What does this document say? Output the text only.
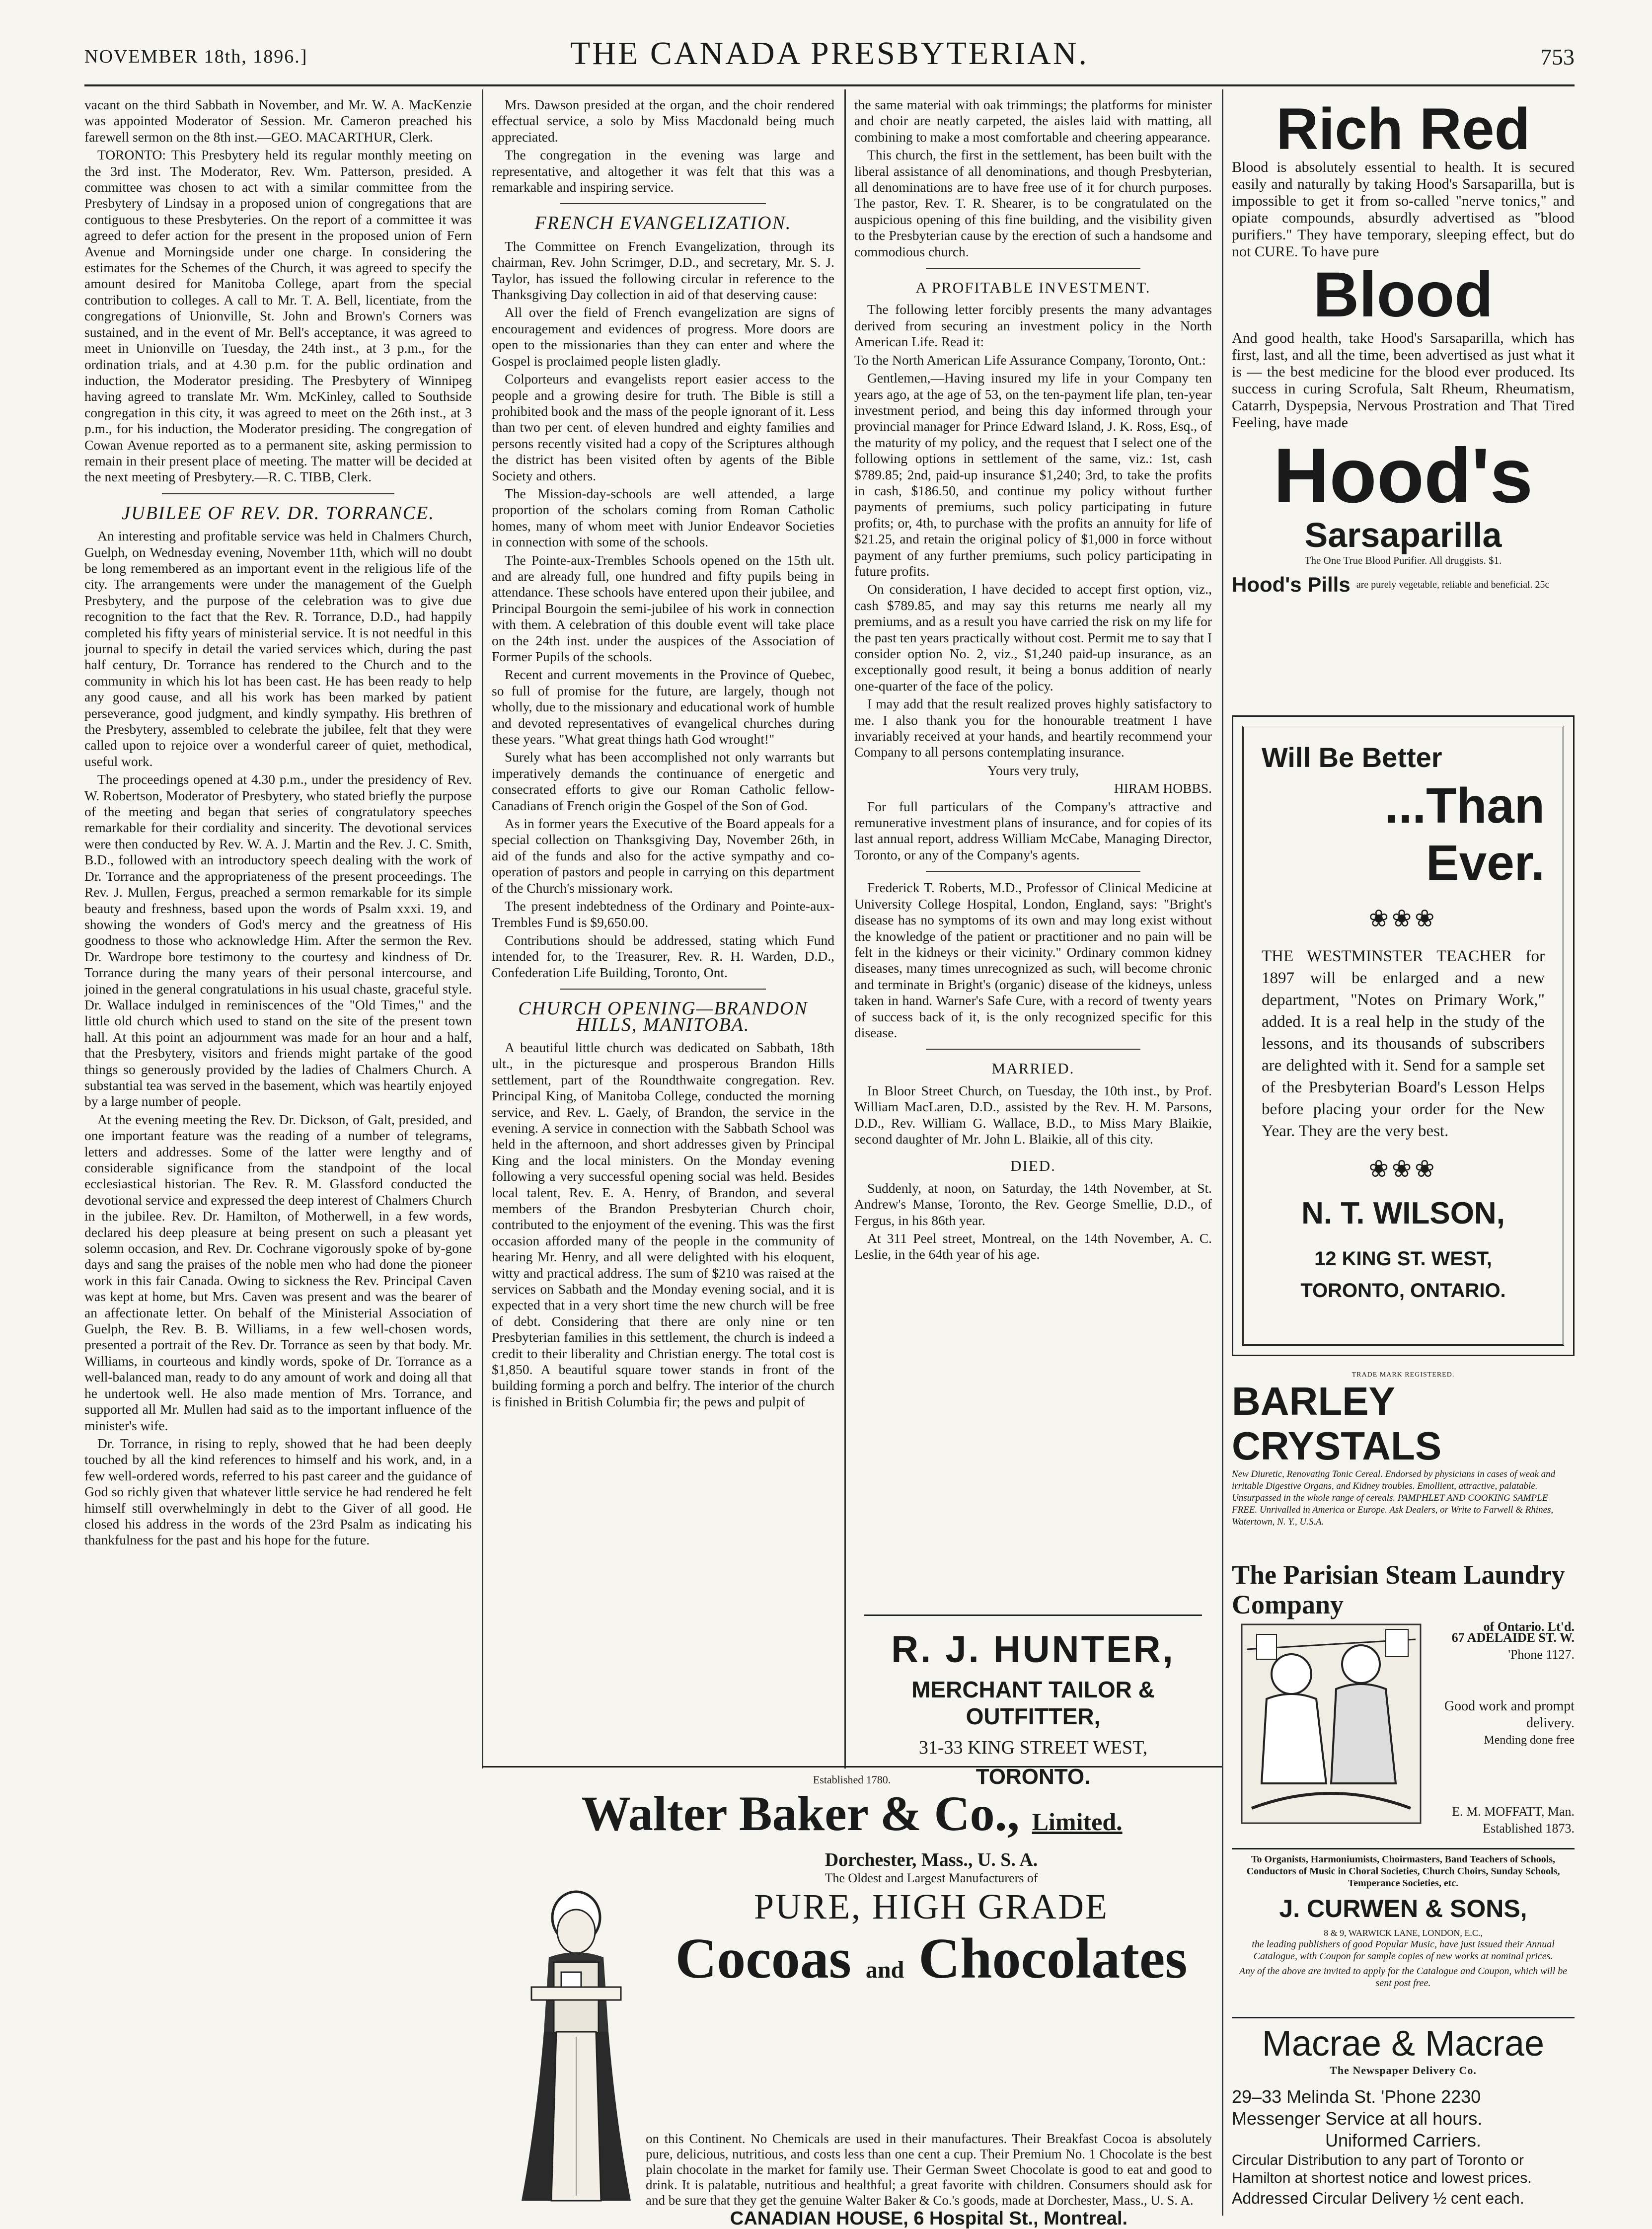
NOVEMBER 18th, 1896.]	THE CANADA PRESBYTERIAN.	753

vacant on the third Sabbath in November, and Mr. W. A. MacKenzie was appointed Moderator of Session. Mr. Cameron preached his farewell sermon on the 8th inst.—GEO. MACARTHUR, Clerk.

TORONTO: This Presbytery held its regular monthly meeting on the 3rd inst. The Moderator, Rev. Wm. Patterson, presided. A committee was chosen to act with a similar committee from the Presbytery of Lindsay in a proposed union of congregations that are contiguous to these Presbyteries. On the report of a committee it was agreed to defer action for the present in the proposed union of Fern Avenue and Morningside under one charge. In considering the estimates for the Schemes of the Church, it was agreed to specify the amount desired for Manitoba College, apart from the special contribution to colleges. A call to Mr. T. A. Bell, licentiate, from the congregations of Unionville, St. John and Brown's Corners was sustained, and in the event of Mr. Bell's acceptance, it was agreed to meet in Unionville on Tuesday, the 24th inst., at 3 p.m., for the ordination trials, and at 4.30 p.m. for the public ordination and induction, the Moderator presiding. The Presbytery of Winnipeg having agreed to translate Mr. Wm. McKinley, called to Southside congregation in this city, it was agreed to meet on the 26th inst., at 3 p.m., for his induction, the Moderator presiding. The congregation of Cowan Avenue reported as to a permanent site, asking permission to remain in their present place of meeting. The matter will be decided at the next meeting of Presbytery.—R. C. TIBB, Clerk.

JUBILEE OF REV. DR. TORRANCE.

An interesting and profitable service was held in Chalmers Church, Guelph, on Wednesday evening, November 11th, which will no doubt be long remembered as an important event in the religious life of the city. The arrangements were under the management of the Guelph Presbytery, and the purpose of the celebration was to give due recognition to the fact that the Rev. R. Torrance, D.D., had happily completed his fifty years of ministerial service. It is not needful in this journal to specify in detail the varied services which, during the past half century, Dr. Torrance has rendered to the Church and to the community in which his lot has been cast. He has been ready to help any good cause, and all his work has been marked by patient perseverance, good judgment, and kindly sympathy. His brethren of the Presbytery, assembled to celebrate the jubilee, felt that they were called upon to rejoice over a wonderful career of quiet, methodical, useful work.

The proceedings opened at 4.30 p.m., under the presidency of Rev. W. Robertson, Moderator of Presbytery, who stated briefly the purpose of the meeting and began that series of congratulatory speeches remarkable for their cordiality and sincerity. The devotional services were then conducted by Rev. W. A. J. Martin and the Rev. J. C. Smith, B.D., followed with an introductory speech dealing with the work of Dr. Torrance and the appropriateness of the present proceedings. The Rev. J. Mullen, Fergus, preached a sermon remarkable for its simple beauty and freshness, based upon the words of Psalm xxxi. 19, and showing the wonders of God's mercy and the greatness of His goodness to those who acknowledge Him. After the sermon the Rev. Dr. Wardrope bore testimony to the courtesy and kindness of Dr. Torrance during the many years of their personal intercourse, and joined in the general congratulations in his usual chaste, graceful style. Dr. Wallace indulged in reminiscences of the "Old Times," and the little old church which used to stand on the site of the present town hall. At this point an adjournment was made for an hour and a half, that the Presbytery, visitors and friends might partake of the good things so generously provided by the ladies of Chalmers Church. A substantial tea was served in the basement, which was heartily enjoyed by a large number of people.

At the evening meeting the Rev. Dr. Dickson, of Galt, presided, and one important feature was the reading of a number of telegrams, letters and addresses. Some of the latter were lengthy and of considerable significance from the standpoint of the local ecclesiastical historian. The Rev. R. M. Glassford conducted the devotional service and expressed the deep interest of Chalmers Church in the jubilee. Rev. Dr. Hamilton, of Motherwell, in a few words, declared his deep pleasure at being present on such a pleasant yet solemn occasion, and Rev. Dr. Cochrane vigorously spoke of by-gone days and sang the praises of the noble men who had done the pioneer work in this fair Canada. Owing to sickness the Rev. Principal Caven was kept at home, but Mrs. Caven was present and was the bearer of an affectionate letter. On behalf of the Ministerial Association of Guelph, the Rev. B. B. Williams, in a few well-chosen words, presented a portrait of the Rev. Dr. Torrance as seen by that body. Mr. Williams, in courteous and kindly words, spoke of Dr. Torrance as a well-balanced man, ready to do any amount of work and doing all that he undertook well. He also made mention of Mrs. Torrance, and supported all Mr. Mullen had said as to the important influence of the minister's wife.

Dr. Torrance, in rising to reply, showed that he had been deeply touched by all the kind references to himself and his work, and, in a few well-ordered words, referred to his past career and the guidance of God so richly given that whatever little service he had rendered he felt himself still overwhelmingly in debt to the Giver of all good. He closed his address in the words of the 23rd Psalm as indicating his thankfulness for the past and his hope for the future.

Mrs. Dawson presided at the organ, and the choir rendered effectual service, a solo by Miss Macdonald being much appreciated.

The congregation in the evening was large and representative, and altogether it was felt that this was a remarkable and inspiring service.

FRENCH EVANGELIZATION.

The Committee on French Evangelization, through its chairman, Rev. John Scrimger, D.D., and secretary, Mr. S. J. Taylor, has issued the following circular in reference to the Thanksgiving Day collection in aid of that deserving cause:

All over the field of French evangelization are signs of encouragement and evidences of progress. More doors are open to the missionaries than they can enter and where the Gospel is proclaimed people listen gladly.

Colporteurs and evangelists report easier access to the people and a growing desire for truth. The Bible is still a prohibited book and the mass of the people ignorant of it. Less than two per cent. of eleven hundred and eighty families and persons recently visited had a copy of the Scriptures although the district has been visited often by agents of the Bible Society and others.

The Mission-day-schools are well attended, a large proportion of the scholars coming from Roman Catholic homes, many of whom meet with Junior Endeavor Societies in connection with some of the schools.

The Pointe-aux-Trembles Schools opened on the 15th ult. and are already full, one hundred and fifty pupils being in attendance. These schools have entered upon their jubilee, and Principal Bourgoin the semi-jubilee of his work in connection with them. A celebration of this double event will take place on the 24th inst. under the auspices of the Association of Former Pupils of the schools.

Recent and current movements in the Province of Quebec, so full of promise for the future, are largely, though not wholly, due to the missionary and educational work of humble and devoted representatives of evangelical churches during these years. "What great things hath God wrought!"

Surely what has been accomplished not only warrants but imperatively demands the continuance of energetic and consecrated efforts to give our Roman Catholic fellow-Canadians of French origin the Gospel of the Son of God.

As in former years the Executive of the Board appeals for a special collection on Thanksgiving Day, November 26th, in aid of the funds and also for the active sympathy and co-operation of pastors and people in carrying on this department of the Church's missionary work.

The present indebtedness of the Ordinary and Pointe-aux-Trembles Fund is $9,650.00.

Contributions should be addressed, stating which Fund intended for, to the Treasurer, Rev. R. H. Warden, D.D., Confederation Life Building, Toronto, Ont.

CHURCH OPENING—BRANDON HILLS, MANITOBA.

A beautiful little church was dedicated on Sabbath, 18th ult., in the picturesque and prosperous Brandon Hills settlement, part of the Roundthwaite congregation. Rev. Principal King, of Manitoba College, conducted the morning service, and Rev. L. Gaely, of Brandon, the service in the evening. A service in connection with the Sabbath School was held in the afternoon, and short addresses given by Principal King and the local ministers. On the Monday evening following a very successful opening social was held. Besides local talent, Rev. E. A. Henry, of Brandon, and several members of the Brandon Presbyterian Church choir, contributed to the enjoyment of the evening. This was the first occasion afforded many of the people in the community of hearing Mr. Henry, and all were delighted with his eloquent, witty and practical address. The sum of $210 was raised at the services on Sabbath and the Monday evening social, and it is expected that in a very short time the new church will be free of debt. Considering that there are only nine or ten Presbyterian families in this settlement, the church is indeed a credit to their liberality and Christian energy. The total cost is $1,850. A beautiful square tower stands in front of the building forming a porch and belfry. The interior of the church is finished in British Columbia fir; the pews and pulpit of

the same material with oak trimmings; the platforms for minister and choir are neatly carpeted, the aisles laid with matting, all combining to make a most comfortable and cheering appearance.

This church, the first in the settlement, has been built with the liberal assistance of all denominations, and though Presbyterian, all denominations are to have free use of it for church purposes. The pastor, Rev. T. R. Shearer, is to be congratulated on the auspicious opening of this fine building, and the visibility given to the Presbyterian cause by the erection of such a handsome and commodious church.

A PROFITABLE INVESTMENT.

The following letter forcibly presents the many advantages derived from securing an investment policy in the North American Life. Read it:

To the North American Life Assurance Company, Toronto, Ont.:

Gentlemen,—Having insured my life in your Company ten years ago, at the age of 53, on the ten-payment life plan, ten-year investment period, and being this day informed through your provincial manager for Prince Edward Island, J. K. Ross, Esq., of the maturity of my policy, and the request that I select one of the following options in settlement of the same, viz.: 1st, cash $789.85; 2nd, paid-up insurance $1,240; 3rd, to take the profits in cash, $186.50, and continue my policy without further payments of premiums, such policy participating in future profits; or, 4th, to purchase with the profits an annuity for life of $21.25, and retain the original policy of $1,000 in force without payment of any further premiums, such policy participating in future profits.

On consideration, I have decided to accept first option, viz., cash $789.85, and may say this returns me nearly all my premiums, and as a result you have carried the risk on my life for the past ten years practically without cost. Permit me to say that I consider option No. 2, viz., $1,240 paid-up insurance, as an exceptionally good result, it being a bonus addition of nearly one-quarter of the face of the policy.

I may add that the result realized proves highly satisfactory to me. I also thank you for the honourable treatment I have invariably received at your hands, and heartily recommend your Company to all persons contemplating insurance.

Yours very truly,

HIRAM HOBBS.

For full particulars of the Company's attractive and remunerative investment plans of insurance, and for copies of its last annual report, address William McCabe, Managing Director, Toronto, or any of the Company's agents.

Frederick T. Roberts, M.D., Professor of Clinical Medicine at University College Hospital, London, England, says: "Bright's disease has no symptoms of its own and may long exist without the knowledge of the patient or practitioner and no pain will be felt in the kidneys or their vicinity." Ordinary common kidney diseases, many times unrecognized as such, will become chronic and terminate in Bright's (organic) disease of the kidneys, unless taken in hand. Warner's Safe Cure, with a record of twenty years of success back of it, is the only recognized specific for this disease.

MARRIED.

In Bloor Street Church, on Tuesday, the 10th inst., by Prof. William MacLaren, D.D., assisted by the Rev. H. M. Parsons, D.D., Rev. William G. Wallace, B.D., to Miss Mary Blaikie, second daughter of Mr. John L. Blaikie, all of this city.

DIED.

Suddenly, at noon, on Saturday, the 14th November, at St. Andrew's Manse, Toronto, the Rev. George Smellie, D.D., of Fergus, in his 86th year.

At 311 Peel street, Montreal, on the 14th November, A. C. Leslie, in the 64th year of his age.

R. J. HUNTER,
MERCHANT TAILOR & OUTFITTER,
31-33 KING STREET WEST,
TORONTO.
Established 1780.
Walter Baker & Co., Limited.
Dorchester, Mass., U. S. A.
The Oldest and Largest Manufacturers of
PURE, HIGH GRADE
Cocoas and Chocolates
on this Continent. No Chemicals are used in their manufactures. Their Breakfast Cocoa is absolutely pure, delicious, nutritious, and costs less than one cent a cup. Their Premium No. 1 Chocolate is the best plain chocolate in the market for family use. Their German Sweet Chocolate is good to eat and good to drink. It is palatable, nutritious and healthful; a great favorite with children. Consumers should ask for and be sure that they get the genuine Walter Baker & Co.'s goods, made at Dorchester, Mass., U. S. A.
CANADIAN HOUSE, 6 Hospital St., Montreal.
Rich Red
Blood is absolutely essential to health. It is secured easily and naturally by taking Hood's Sarsaparilla, but is impossible to get it from so-called "nerve tonics," and opiate compounds, absurdly advertised as "blood purifiers." They have temporary, sleeping effect, but do not CURE. To have pure
Blood
And good health, take Hood's Sarsaparilla, which has first, last, and all the time, been advertised as just what it is — the best medicine for the blood ever produced. Its success in curing Scrofula, Salt Rheum, Rheumatism, Catarrh, Dyspepsia, Nervous Prostration and That Tired Feeling, have made
Hood's
Sarsaparilla
The One True Blood Purifier. All druggists. $1.
Hood's Pills are purely vegetable, reliable and beneficial. 25c
Will Be Better
...Than Ever.
❀❀❀
THE WESTMINSTER TEACHER for 1897 will be enlarged and a new department, "Notes on Primary Work," added. It is a real help in the study of the lessons, and its thousands of subscribers are delighted with it. Send for a sample set of the Presbyterian Board's Lesson Helps before placing your order for the New Year. They are the very best.
❀❀❀
N. T. WILSON,
12 KING ST. WEST,
TORONTO, ONTARIO.
TRADE MARK REGISTERED.
BARLEY CRYSTALS
New Diuretic, Renovating Tonic Cereal. Endorsed by physicians in cases of weak and irritable Digestive Organs, and Kidney troubles. Emollient, attractive, palatable. Unsurpassed in the whole range of cereals. PAMPHLET AND COOKING SAMPLE FREE. Unrivalled in America or Europe. Ask Dealers, or Write to Farwell & Rhines, Watertown, N. Y., U.S.A.
The Parisian Steam Laundry Company
of Ontario. Lt'd.
67 ADELAIDE ST. W.
'Phone 1127.
Good work and prompt delivery.
Mending done free
E. M. MOFFATT, Man.
Established 1873.
To Organists, Harmoniumists, Choirmasters, Band Teachers of Schools, Conductors of Music in Choral Societies, Church Choirs, Sunday Schools, Temperance Societies, etc.
J. CURWEN & SONS,
8 & 9, WARWICK LANE, LONDON, E.C.,
the leading publishers of good Popular Music, have just issued their Annual Catalogue, with Coupon for sample copies of new works at nominal prices.
Any of the above are invited to apply for the Catalogue and Coupon, which will be sent post free.
Macrae & Macrae
The Newspaper Delivery Co.
29–33 Melinda St. 'Phone 2230
Messenger Service at all hours.
Uniformed Carriers.
Circular Distribution to any part of Toronto or Hamilton at shortest notice and lowest prices.
Addressed Circular Delivery ½ cent each.
